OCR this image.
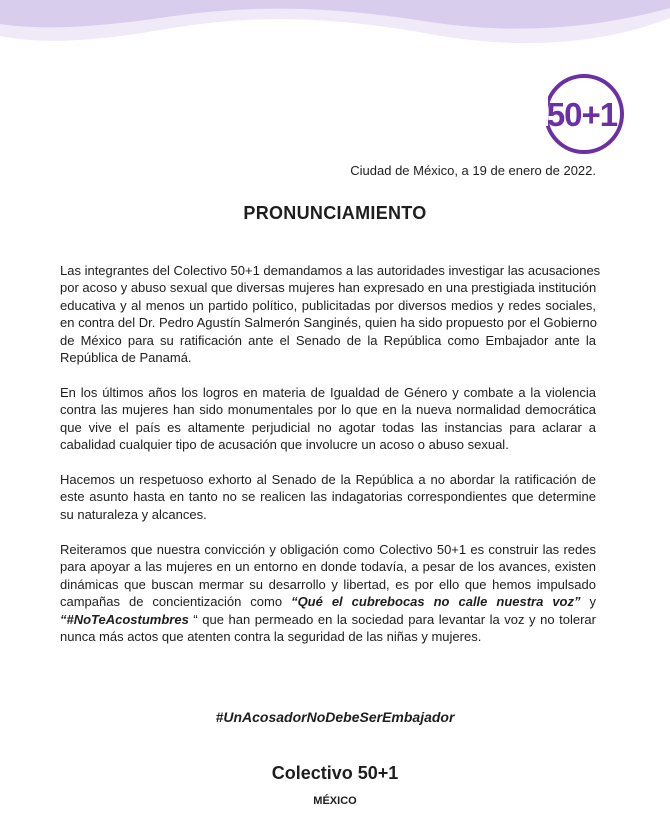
50+1
Ciudad de México, a 19 de enero de 2022.
PRONUNCIAMIENTO

Las integrantes del Colectivo 50+1 demandamos a las autoridades investigar las acusaciones
por acoso y abuso sexual que diversas mujeres han expresado en una prestigiada institución
educativa y al menos un partido político, publicitadas por diversos medios y redes sociales,
en contra del Dr. Pedro Agustín Salmerón Sanginés, quien ha sido propuesto por el Gobierno
de México para su ratificación ante el Senado de la República como Embajador ante la
República de Panamá.

En los últimos años los logros en materia de Igualdad de Género y combate a la violencia
contra las mujeres han sido monumentales por lo que en la nueva normalidad democrática
que vive el país es altamente perjudicial no agotar todas las instancias para aclarar a
cabalidad cualquier tipo de acusación que involucre un acoso o abuso sexual.

Hacemos un respetuoso exhorto al Senado de la República a no abordar la ratificación de
este asunto hasta en tanto no se realicen las indagatorias correspondientes que determine
su naturaleza y alcances.

Reiteramos que nuestra convicción y obligación como Colectivo 50+1 es construir las redes
para apoyar a las mujeres en un entorno en donde todavía, a pesar de los avances, existen
dinámicas que buscan mermar su desarrollo y libertad, es por ello que hemos impulsado
campañas de concientización como “Qué el cubrebocas no calle nuestra voz” y
“#NoTeAcostumbres “ que han permeado en la sociedad para levantar la voz y no tolerar
nunca más actos que atenten contra la seguridad de las niñas y mujeres.

#UnAcosadorNoDebeSerEmbajador
Colectivo 50+1
MÉXICO
